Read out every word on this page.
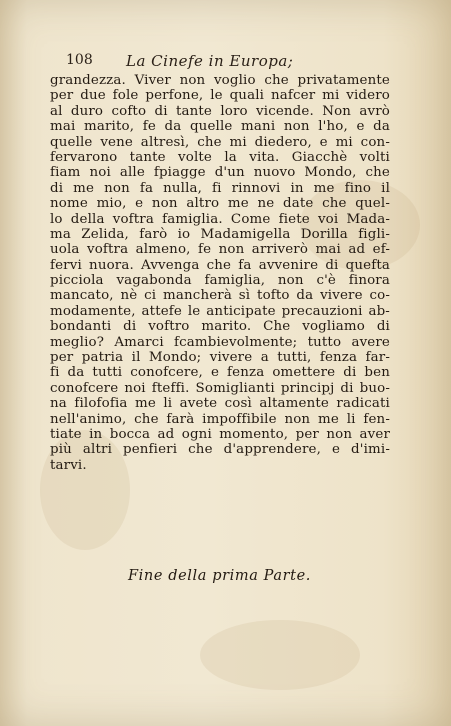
108 La Cinefe in Europa;
grandezza. Viver non voglio che privatamente
per due fole perfone, le quali nafcer mi videro
al duro cofto di tante loro vicende. Non avrò
mai marito, fe da quelle mani non l'ho, e da
quelle vene altresì, che mi diedero, e mi con-
fervarono tante volte la vita. Giacchè volti
fiam noi alle fpiagge d'un nuovo Mondo, che
di me non fa nulla, fi rinnovi in me fino il
nome mio, e non altro me ne date che quel-
lo della voftra famiglia. Come fiete voi Mada-
ma Zelida, farò io Madamigella Dorilla figli-
uola voftra almeno, fe non arriverò mai ad ef-
fervi nuora. Avvenga che fa avvenire di quefta
picciola vagabonda famiglia, non c'è finora
mancato, nè ci mancherà sì tofto da vivere co-
modamente, attefe le anticipate precauzioni ab-
bondanti di voftro marito. Che vogliamo di
meglio? Amarci fcambievolmente; tutto avere
per patria il Mondo; vivere a tutti, fenza far-
fi da tutti conofcere, e fenza omettere di ben
conofcere noi fteffi. Somiglianti principj di buo-
na filofofia me li avete così altamente radicati
nell'animo, che farà impoffibile non me li fen-
tiate in bocca ad ogni momento, per non aver
più altri penfieri che d'apprendere, e d'imi-
tarvi.
Fine della prima Parte.
